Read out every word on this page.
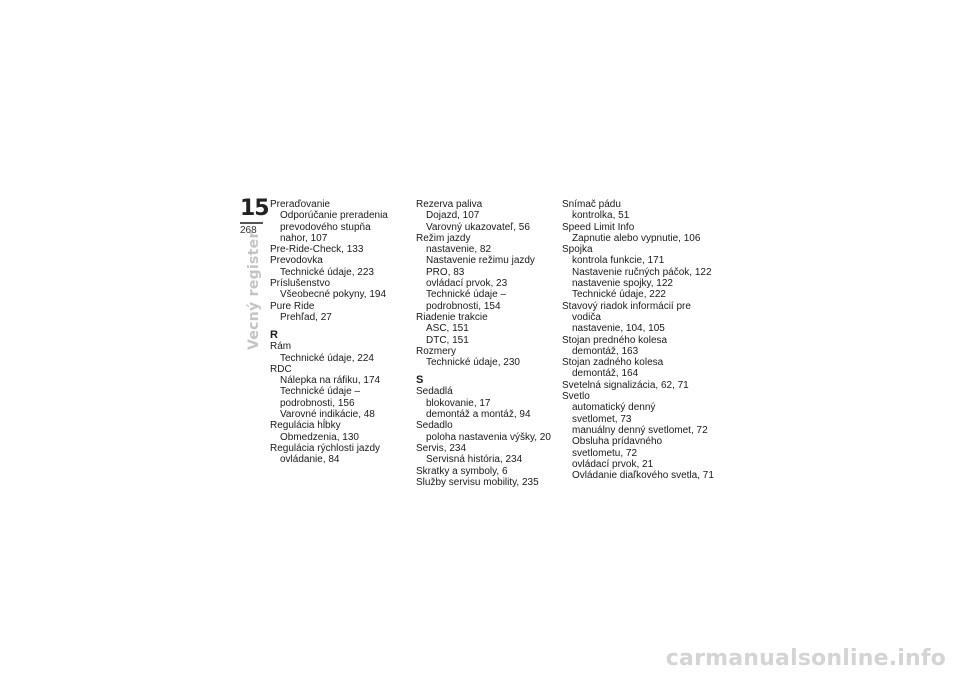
15
268
Vecný register
Preraďovanie
Odporúčanie preradenia
prevodového stupňa
nahor, 107
Pre-Ride-Check, 133
Prevodovka
Technické údaje, 223
Príslušenstvo
Všeobecné pokyny, 194
Pure Ride
Prehľad, 27
R
Rám
Technické údaje, 224
RDC
Nálepka na ráfiku, 174
Technické údaje –
podrobnosti, 156
Varovné indikácie, 48
Regulácia hĺbky
Obmedzenia, 130
Regulácia rýchlosti jazdy
ovládanie, 84
Rezerva paliva
Dojazd, 107
Varovný ukazovateľ, 56
Režim jazdy
nastavenie, 82
Nastavenie režimu jazdy
PRO, 83
ovládací prvok, 23
Technické údaje –
podrobnosti, 154
Riadenie trakcie
ASC, 151
DTC, 151
Rozmery
Technické údaje, 230
S
Sedadlá
blokovanie, 17
demontáž a montáž, 94
Sedadlo
poloha nastavenia výšky, 20
Servis, 234
Servisná história, 234
Skratky a symboly, 6
Služby servisu mobility, 235
Snímač pádu
kontrolka, 51
Speed Limit Info
Zapnutie alebo vypnutie, 106
Spojka
kontrola funkcie, 171
Nastavenie ručných páčok, 122
nastavenie spojky, 122
Technické údaje, 222
Stavový riadok informácií pre
vodiča
nastavenie, 104, 105
Stojan predného kolesa
demontáž, 163
Stojan zadného kolesa
demontáž, 164
Svetelná signalizácia, 62, 71
Svetlo
automatický denný
svetlomet, 73
manuálny denný svetlomet, 72
Obsluha prídavného
svetlometu, 72
ovládací prvok, 21
Ovládanie diaľkového svetla, 71
carmanualsonline.info
